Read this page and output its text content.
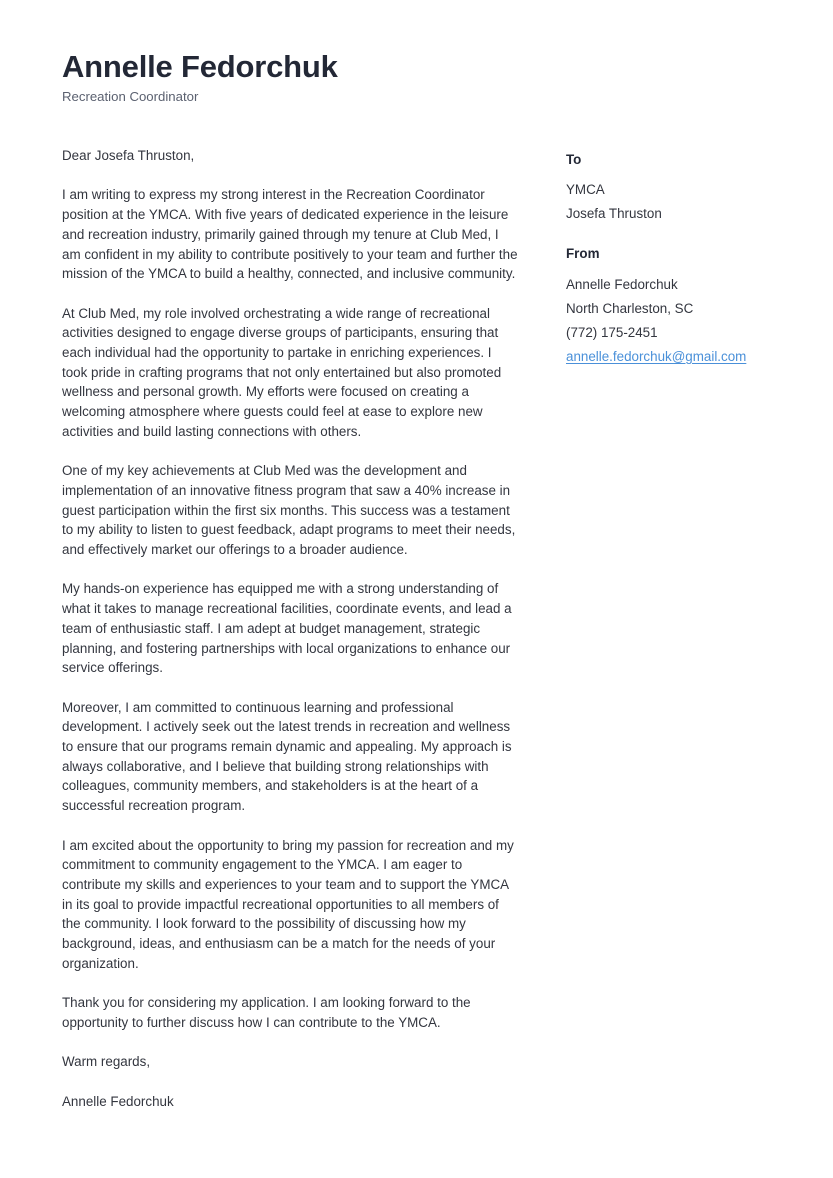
Annelle Fedorchuk
Recreation Coordinator

Dear Josefa Thruston,

I am writing to express my strong interest in the Recreation Coordinator position at the YMCA. With five years of dedicated experience in the leisure and recreation industry, primarily gained through my tenure at Club Med, I am confident in my ability to contribute positively to your team and further the mission of the YMCA to build a healthy, connected, and inclusive community.

At Club Med, my role involved orchestrating a wide range of recreational activities designed to engage diverse groups of participants, ensuring that each individual had the opportunity to partake in enriching experiences. I took pride in crafting programs that not only entertained but also promoted wellness and personal growth. My efforts were focused on creating a welcoming atmosphere where guests could feel at ease to explore new activities and build lasting connections with others.

One of my key achievements at Club Med was the development and implementation of an innovative fitness program that saw a 40% increase in guest participation within the first six months. This success was a testament to my ability to listen to guest feedback, adapt programs to meet their needs, and effectively market our offerings to a broader audience.

My hands-on experience has equipped me with a strong understanding of what it takes to manage recreational facilities, coordinate events, and lead a team of enthusiastic staff. I am adept at budget management, strategic planning, and fostering partnerships with local organizations to enhance our service offerings.

Moreover, I am committed to continuous learning and professional development. I actively seek out the latest trends in recreation and wellness to ensure that our programs remain dynamic and appealing. My approach is always collaborative, and I believe that building strong relationships with colleagues, community members, and stakeholders is at the heart of a successful recreation program.

I am excited about the opportunity to bring my passion for recreation and my commitment to community engagement to the YMCA. I am eager to contribute my skills and experiences to your team and to support the YMCA in its goal to provide impactful recreational opportunities to all members of the community. I look forward to the possibility of discussing how my background, ideas, and enthusiasm can be a match for the needs of your organization.

Thank you for considering my application. I am looking forward to the opportunity to further discuss how I can contribute to the YMCA.

Warm regards,

Annelle Fedorchuk

To

YMCA

Josefa Thruston

From

Annelle Fedorchuk

North Charleston, SC

(772) 175-2451

annelle.fedorchuk@gmail.com
